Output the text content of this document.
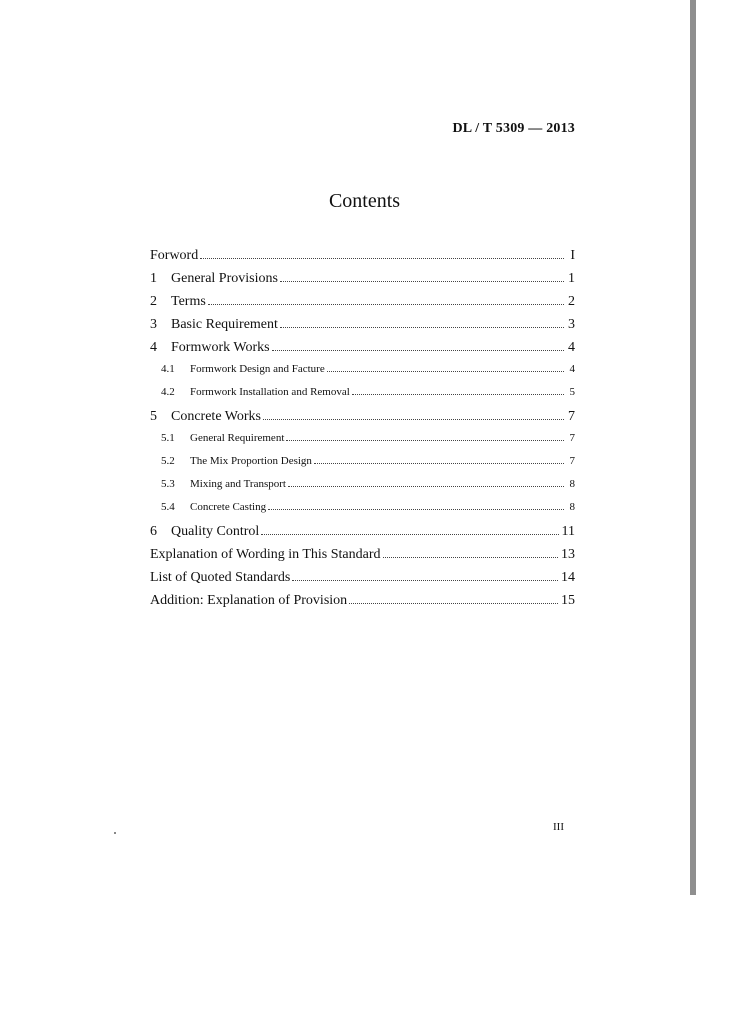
DL / T 5309 — 2013
Contents
Forword	I
1	General Provisions	1
2	Terms	2
3	Basic Requirement	3
4	Formwork Works	4
4.1	Formwork Design and Facture	4
4.2	Formwork Installation and Removal	5
5	Concrete Works	7
5.1	General Requirement	7
5.2	The Mix Proportion Design	7
5.3	Mixing and Transport	8
5.4	Concrete Casting	8
6	Quality Control	11
Explanation of Wording in This Standard	13
List of Quoted Standards	14
Addition: Explanation of Provision	15
III
